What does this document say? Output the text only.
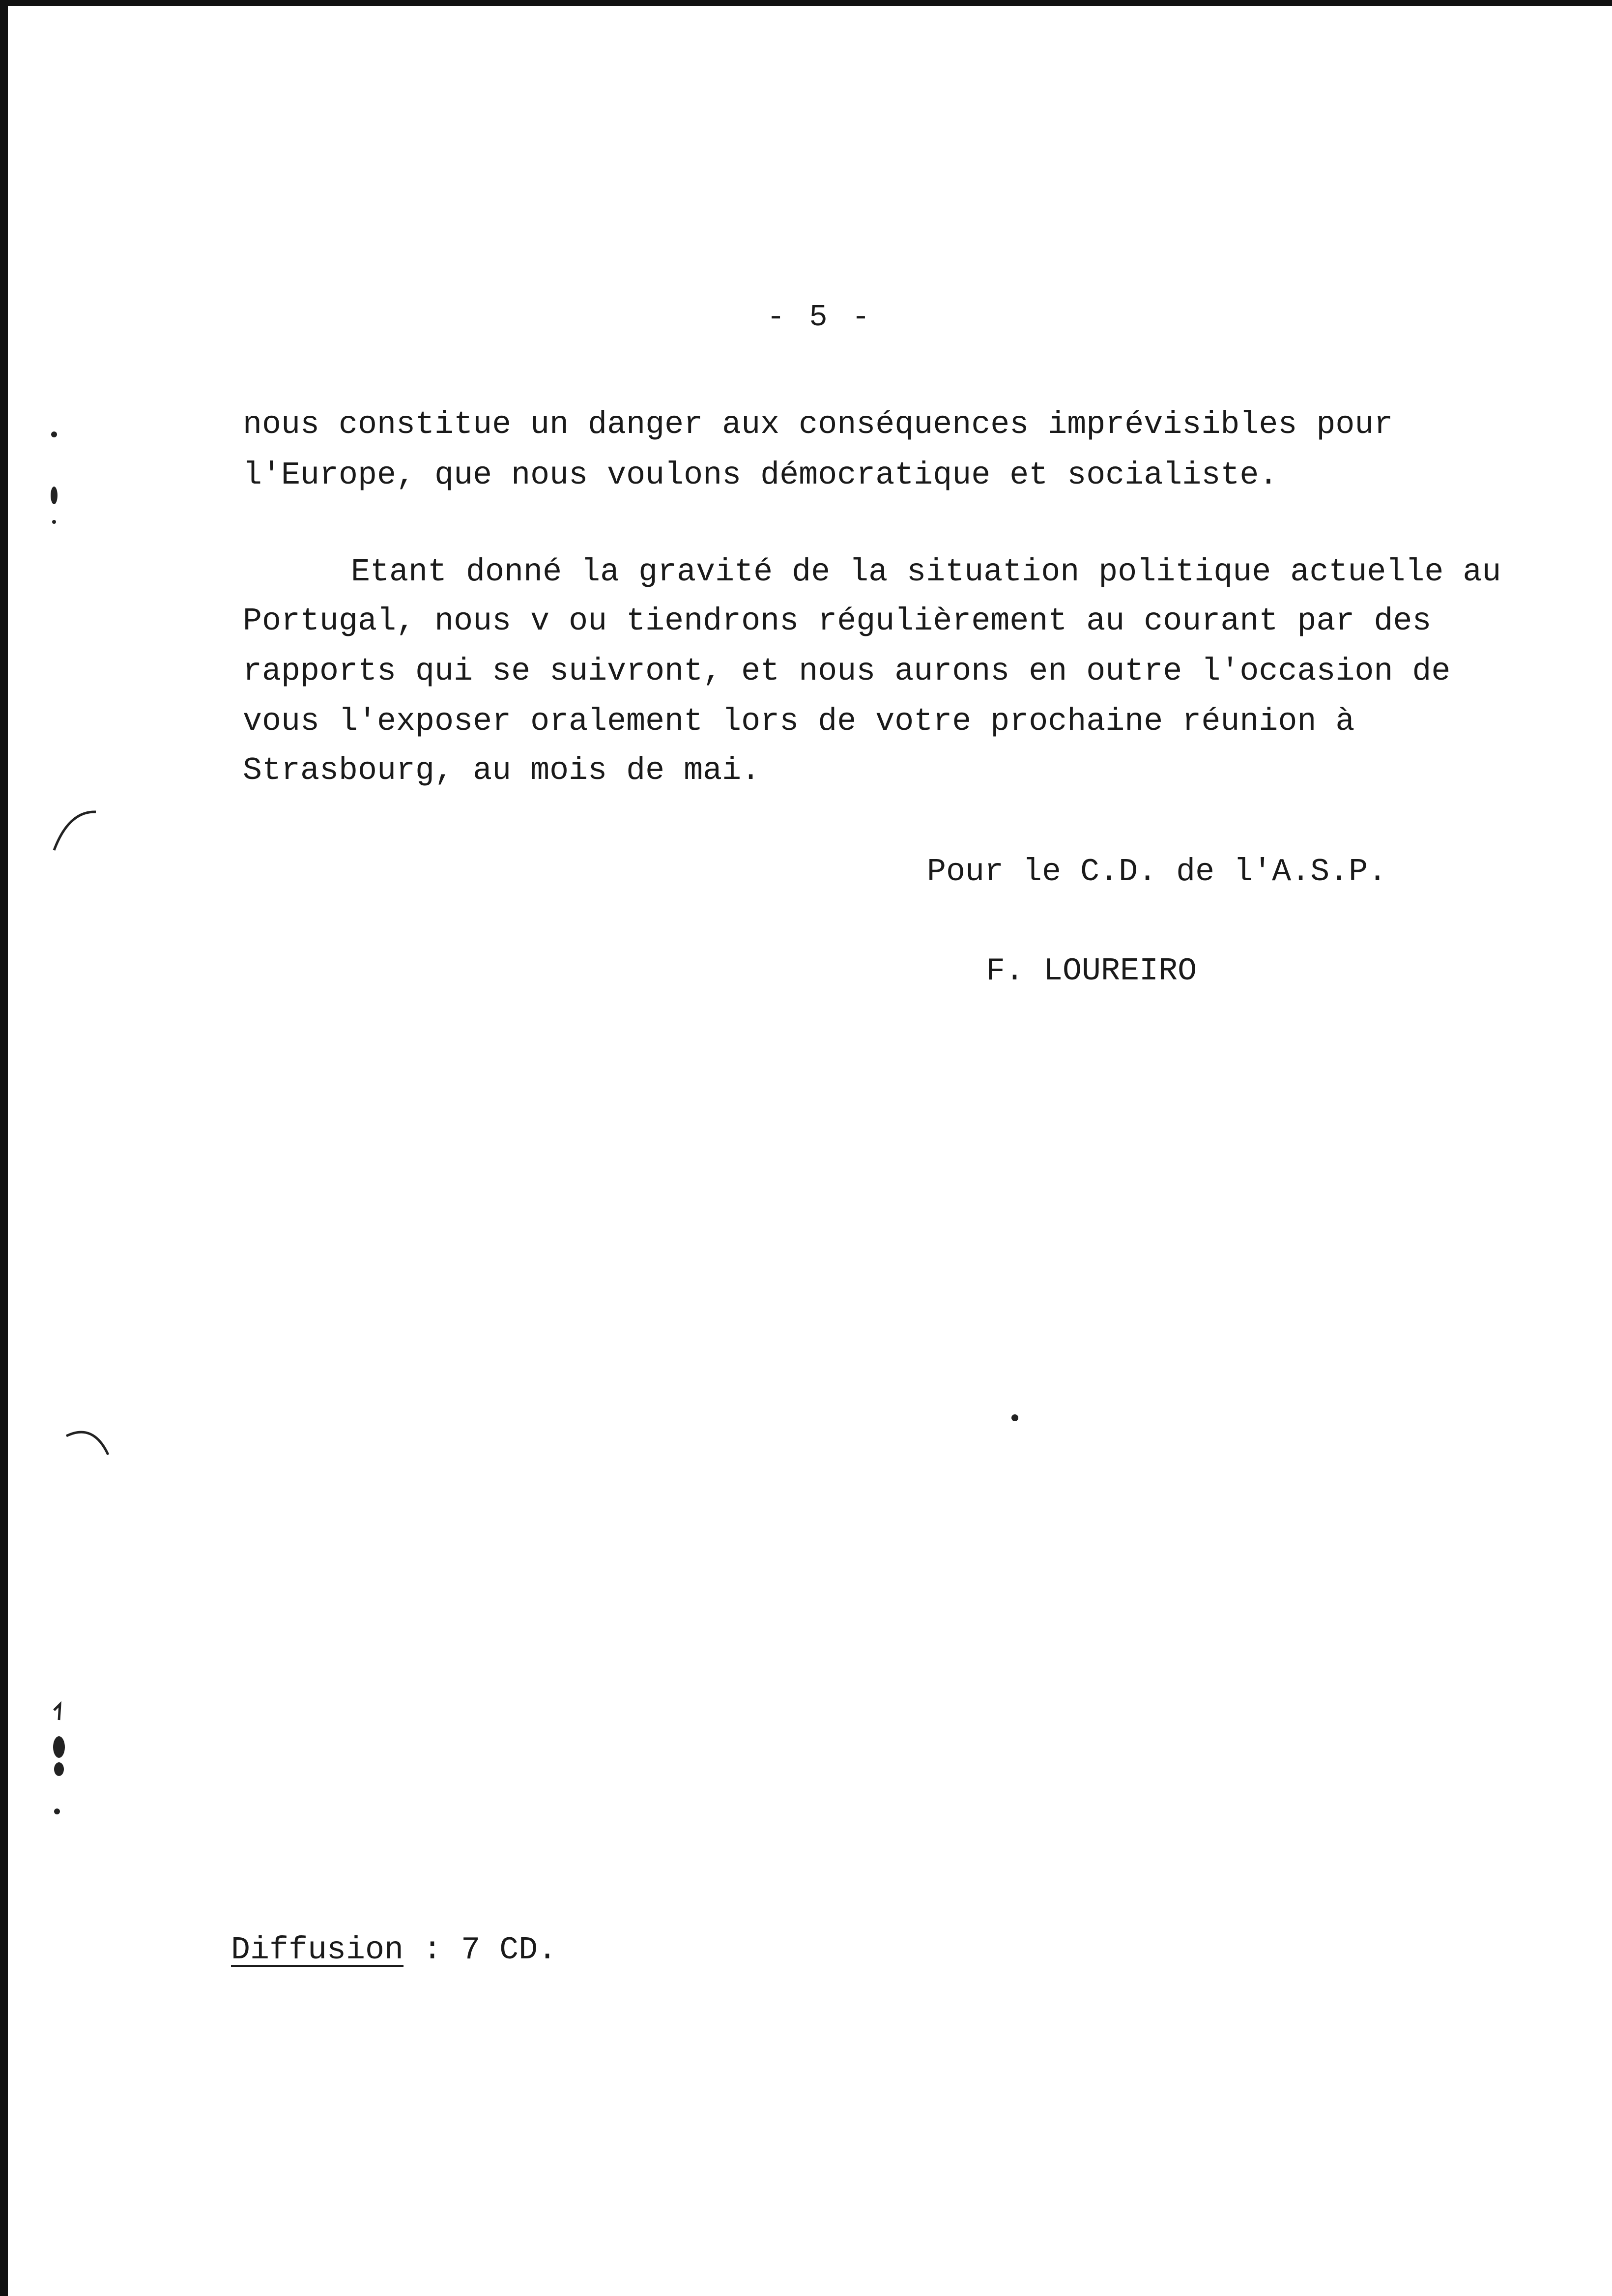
- 5 -
nous constitue un danger aux conséquences imprévisibles pour
l'Europe, que nous voulons démocratique et socialiste.
Etant donné la gravité de la situation politique actuelle au
Portugal, nous v ou tiendrons régulièrement au courant par des
rapports qui se suivront, et nous aurons en outre l'occasion de
vous l'exposer oralement lors de votre prochaine réunion à
Strasbourg, au mois de mai.
Pour le C.D. de l'A.S.P.
F. LOUREIRO
Diffusion : 7 CD.
